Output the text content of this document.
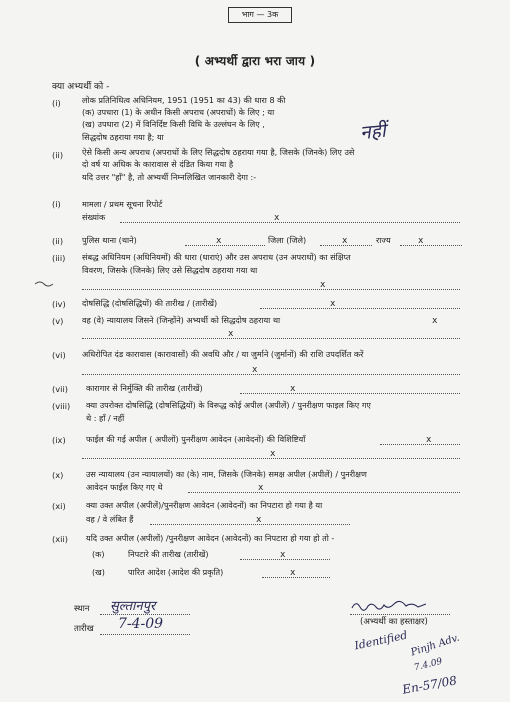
भाग — 3क
( अभ्यर्थी द्वारा भरा जाय )
क्या अभ्यर्थी को -
(i)	लोक प्रतिनिधित्व अधिनियम, 1951 (1951 का 43) की धारा 8 की
(क) उपधारा (1) के अधीन किसी अपराध (अपराधों) के लिए ; या
(ख) उपधारा (2) में विनिर्दिष्ट किसी विधि के उल्लंघन के लिए ,
सिद्धदोष ठहराया गया है; या	नहीं
(ii) ऐसे किसी अन्य अपराध (अपराधों के लिए सिद्धदोष ठहराया गया है, जिसके (जिनके) लिए उसे
दो वर्ष या अधिक के कारावास से दंडित किया गया है
यदि उत्तर "हाँ" है, तो अभ्यर्थी निम्नलिखित जानकारी देगा :-
(i)	मामला / प्रथम सूचना रिपोर्ट
संख्यांक	x
(ii) पुलिस थाना (थाने)	x	जिला (जिले)	x	राज्य	x
(iii) संबद्ध अधिनियम (अधिनियमों) की धारा (धाराएं) और उस अपराध (उन अपराधों) का संक्षिप्त
विवरण, जिसके (जिनके) लिए उसे सिद्धदोष ठहराया गया था
x
(iv) दोषसिद्धि (दोषसिद्धियों) की तारीख / (तारीखें)	x
(v) वह (वे) न्यायालय जिसने (जिन्होंने) अभ्यर्थी को सिद्धदोष ठहराया था	x
x
(vi) अधिरोपित दंड कारावास (कारावासों) की अवधि और / या जुर्माने (जुर्मानों) की राशि उपदर्शित करें
x
(vii) कारागार से निर्मुक्ति की तारीख (तारीखें)	x
(viii) क्या उपरोक्त दोषसिद्धि (दोषसिद्धियों) के विरूद्ध कोई अपील (अपीलें) / पुनरीक्षण फाइल किए गए
थे : हाँ / नहीं
(ix)	फाईल की गई अपील ( अपीलों) पुनरीक्षण आवेदन (आवेदनों) की विशिष्टियाँ	x
x
(x)	उस न्यायालय (उन न्यायालयों) का (के) नाम, जिसके (जिनके) समक्ष अपील (अपीलें) / पुनरीक्षण
आवेदन फाईल किए गए थे	x
(xi)	क्या उक्त अपील (अपीलें)/पुनरीक्षण आवेदन (आवेदनों) का निपटारा हो गया है या
वह / वे लंबित हैं	x
(xii) यदि उक्त अपील (अपीलों) /पुनरीक्षण आवेदन (आवेदनों) का निपटारा हो गया हो तो -
(क)	निपटारे की तारीख (तारीखें)	x
(ख)	पारित आदेश (आदेश की प्रकृति)	x
स्थान सुल्तानपुर
तारीख 7-4-09	(अभ्यर्थी का हस्ताक्षर)
Identified Pinjh Adv.
7.4.09
En-57/08
